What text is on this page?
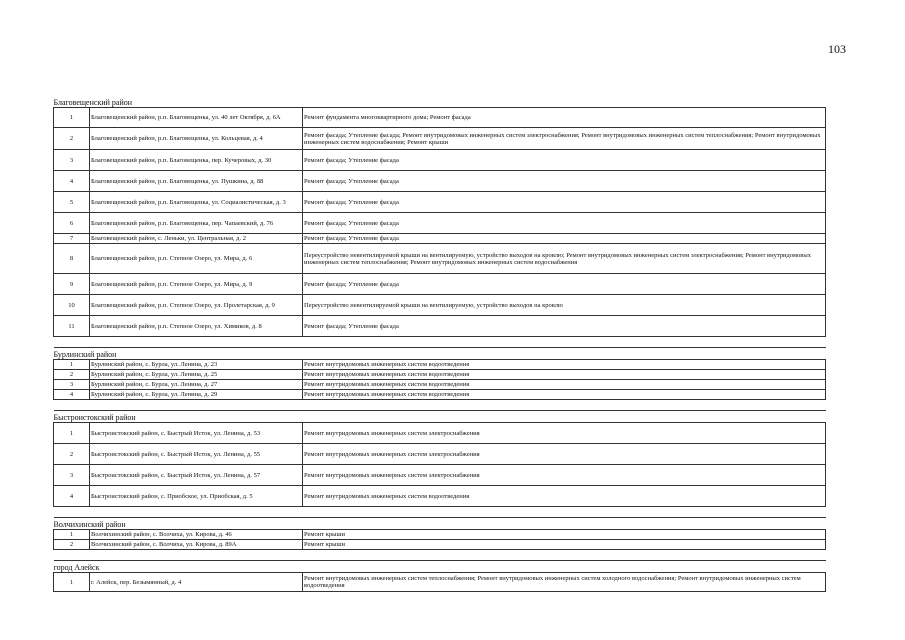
103
Благовещенский район		
1	Благовещенский район, р.п. Благовещенка, ул. 40 лет Октября, д. 6А	Ремонт фундамента многоквартирного дома; Ремонт фасада
2	Благовещенский район, р.п. Благовещенка, ул. Кольцевая, д. 4	Ремонт фасада; Утепление фасада; Ремонт внутридомовых инженерных систем электроснабжения; Ремонт внутридомовых инженерных систем теплоснабжения; Ремонт внутридомовых инженерных систем водоснабжения; Ремонт крыши
3	Благовещенский район, р.п. Благовещенка, пер. Кучеровых, д. 30	Ремонт фасада; Утепление фасада
4	Благовещенский район, р.п. Благовещенка, ул. Пушкина, д. 88	Ремонт фасада; Утепление фасада
5	Благовещенский район, р.п. Благовещенка, ул. Социалистическая, д. 3	Ремонт фасада; Утепление фасада
6	Благовещенский район, р.п. Благовещенка, пер. Чапаевский, д. 76	Ремонт фасада; Утепление фасада
7	Благовещенский район, с. Леньки, ул. Центральная, д. 2	Ремонт фасада; Утепление фасада
8	Благовещенский район, р.п. Степное Озеро, ул. Мира, д. 6	Переустройство невентилируемой крыши на вентилируемую, устройство выходов на кровлю; Ремонт внутридомовых инженерных систем электроснабжения; Ремонт внутридомовых инженерных систем теплоснабжения; Ремонт внутридомовых инженерных систем водоснабжения
9	Благовещенский район, р.п. Степное Озеро, ул. Мира, д. 9	Ремонт фасада; Утепление фасада
10	Благовещенский район, р.п. Степное Озеро, ул. Пролетарская, д. 9	Переустройство невентилируемой крыши на вентилируемую, устройство выходов на кровлю
11	Благовещенский район, р.п. Степное Озеро, ул. Химиков, д. 8	Ремонт фасада; Утепление фасада

Бурлинский район		
1	Бурлинский район, с. Бурла, ул. Ленина, д. 23	Ремонт внутридомовых инженерных систем водоотведения
2	Бурлинский район, с. Бурла, ул. Ленина, д. 25	Ремонт внутридомовых инженерных систем водоотведения
3	Бурлинский район, с. Бурла, ул. Ленина, д. 27	Ремонт внутридомовых инженерных систем водоотведения
4	Бурлинский район, с. Бурла, ул. Ленина, д. 29	Ремонт внутридомовых инженерных систем водоотведения

Быстроистокский район		
1	Быстроистокский район, с. Быстрый Исток, ул. Ленина, д. 53	Ремонт внутридомовых инженерных систем электроснабжения
2	Быстроистокский район, с. Быстрый Исток, ул. Ленина, д. 55	Ремонт внутридомовых инженерных систем электроснабжения
3	Быстроистокский район, с. Быстрый Исток, ул. Ленина, д. 57	Ремонт внутридомовых инженерных систем электроснабжения
4	Быстроистокский район, с. Приобское, ул. Приобская, д. 5	Ремонт внутридомовых инженерных систем водоотведения

Волчихинский район		
1	Волчихинский район, с. Волчиха, ул. Кирова, д. 46	Ремонт крыши
2	Волчихинский район, с. Волчиха, ул. Кирова, д. 89А	Ремонт крыши

город Алейск		
1	г. Алейск, пер. Безымянный, д. 4	Ремонт внутридомовых инженерных систем теплоснабжения; Ремонт внутридомовых инженерных систем холодного водоснабжения; Ремонт внутридомовых инженерных систем водоотведения
